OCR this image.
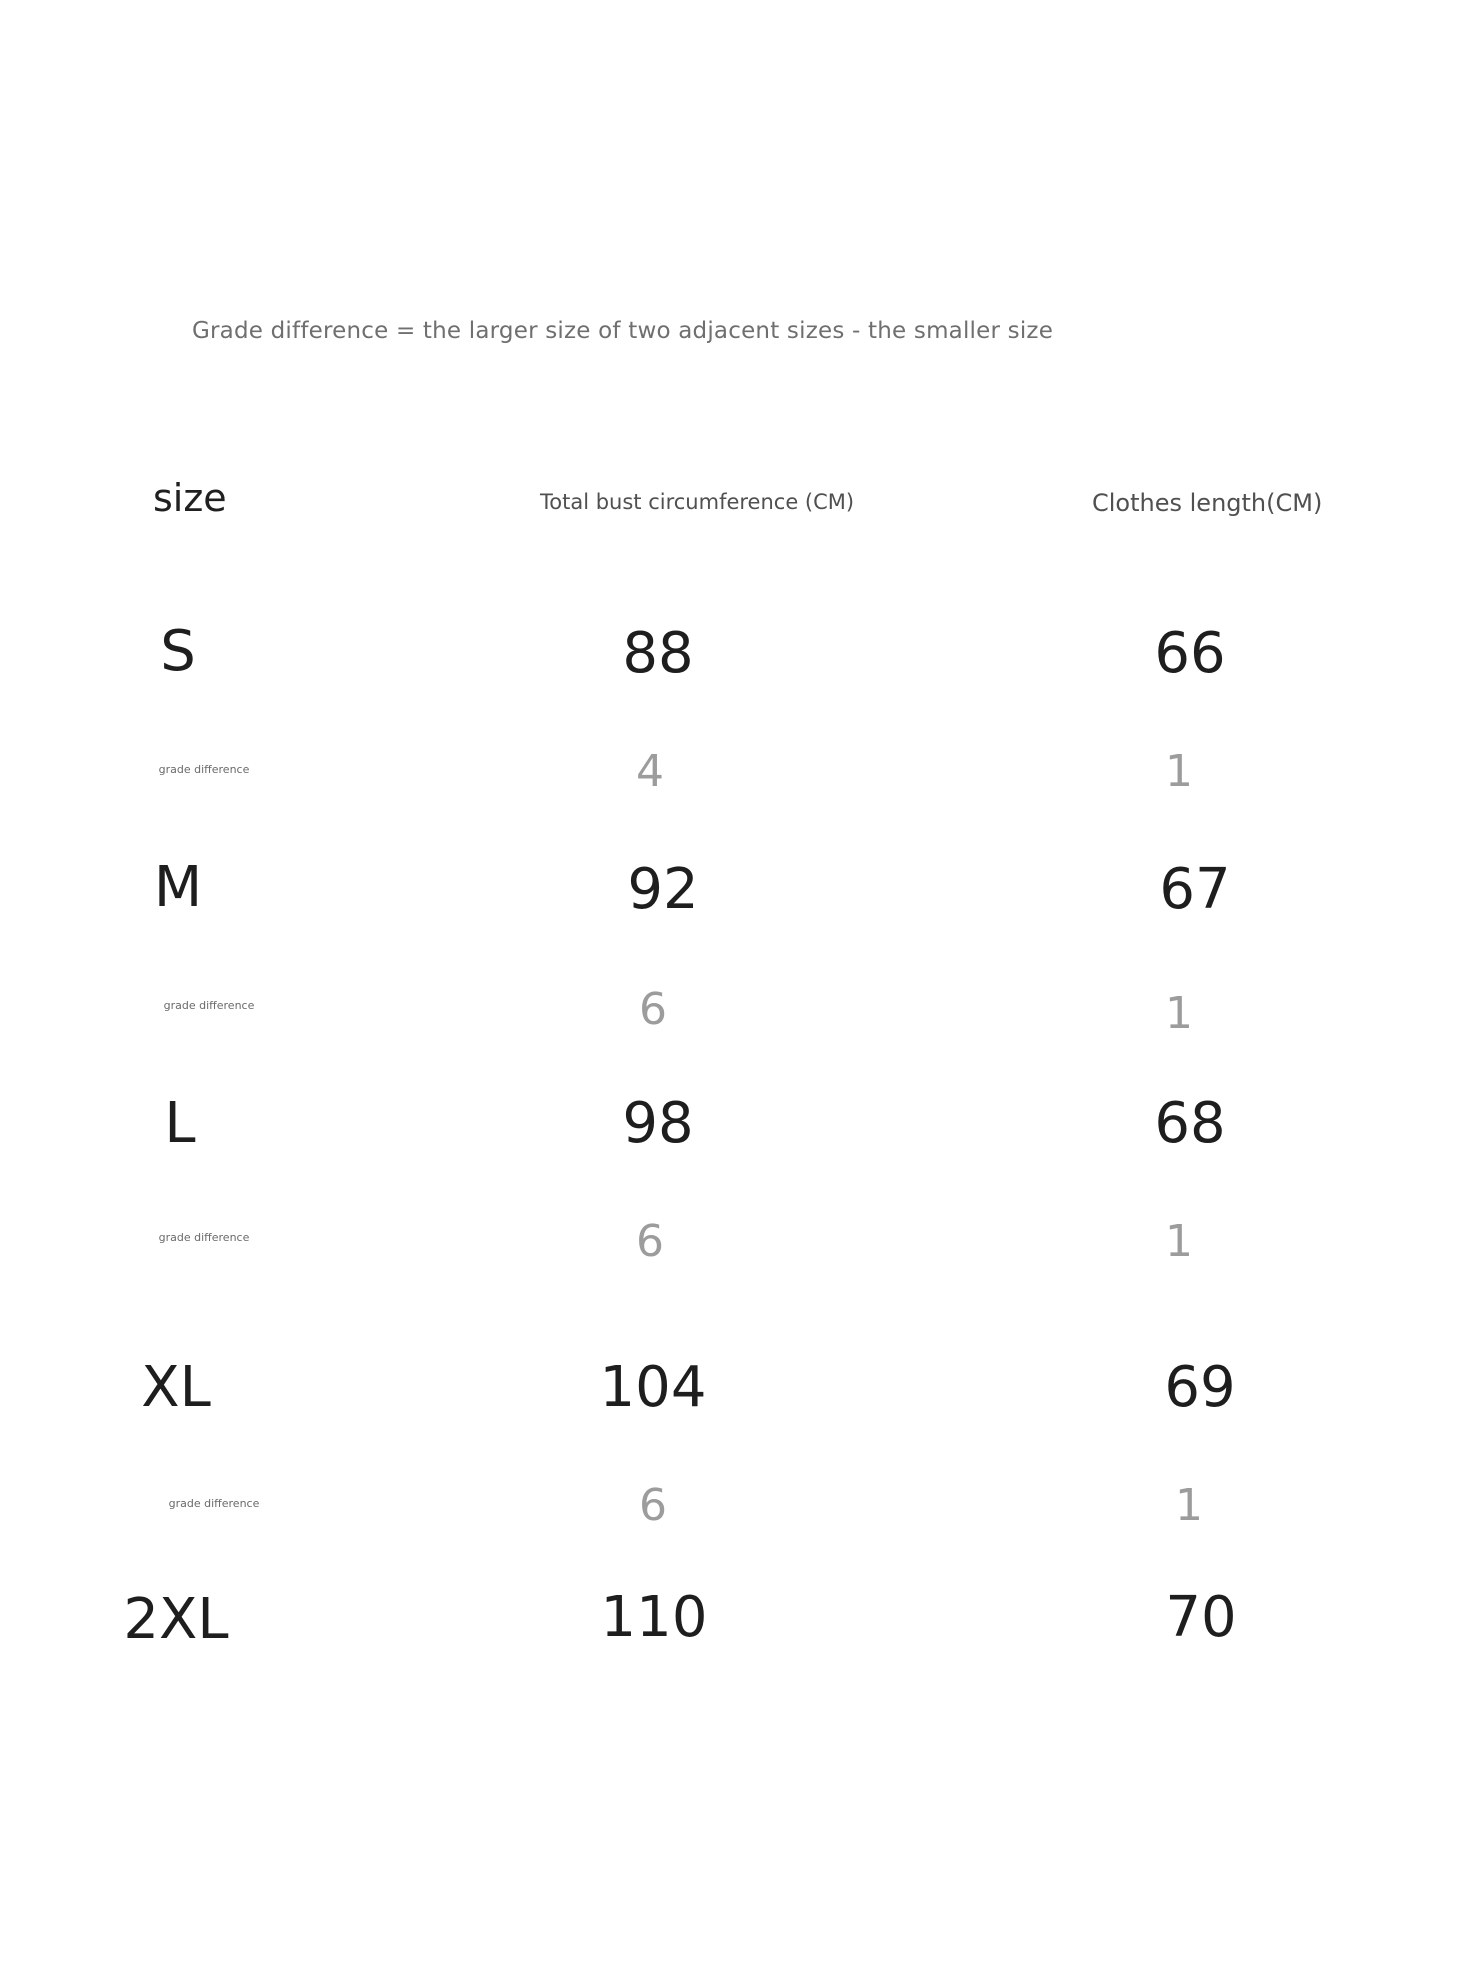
Grade difference = the larger size of two adjacent sizes - the smaller size
size	Total bust circumference (CM)	Clothes length(CM)
S	88	66
grade difference	4	1
M	92	67
grade difference	6	1
L	98	68
grade difference	6	1
XL	104	69
grade difference	6	1
2XL	110	70
